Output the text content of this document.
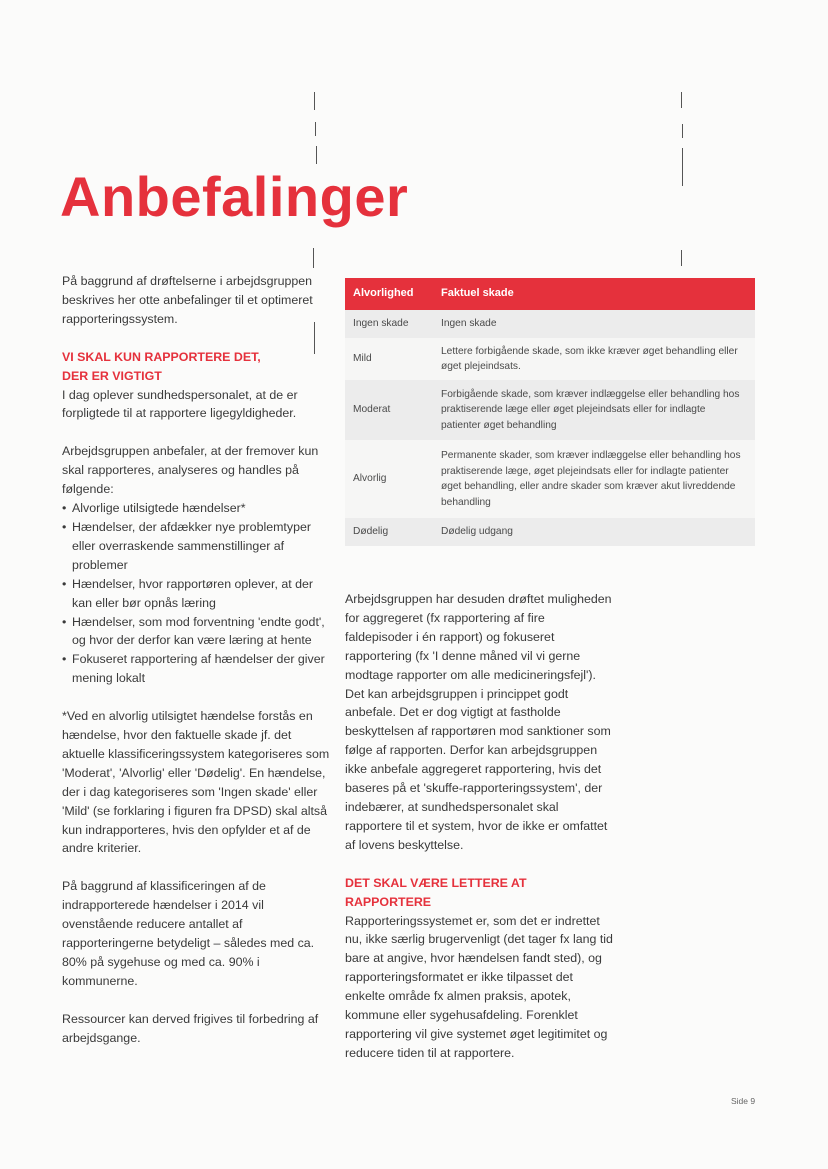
Anbefalinger

På baggrund af drøftelserne i arbejdsgruppen beskrives her otte anbefalinger til et optimeret rapporteringssystem.

VI SKAL KUN RAPPORTERE DET,
DER ER VIGTIGT

I dag oplever sundhedspersonalet, at de er forpligtede til at rapportere ligegyldigheder.

Arbejdsgruppen anbefaler, at der fremover kun skal rapporteres, analyseres og handles på følgende:
• Alvorlige utilsigtede hændelser*
• Hændelser, der afdækker nye problemtyper eller overraskende sammenstillinger af problemer
• Hændelser, hvor rapportøren oplever, at der kan eller bør opnås læring
• Hændelser, som mod forventning 'endte godt', og hvor der derfor kan være læring at hente
• Fokuseret rapportering af hændelser der giver mening lokalt

*Ved en alvorlig utilsigtet hændelse forstås en hændelse, hvor den faktuelle skade jf. det aktuelle klassificeringssystem kategoriseres som 'Moderat', 'Alvorlig' eller 'Dødelig'. En hændelse, der i dag kategoriseres som 'Ingen skade' eller 'Mild' (se forklaring i figuren fra DPSD) skal altså kun indrapporteres, hvis den opfylder et af de andre kriterier.

På baggrund af klassificeringen af de indrapporterede hændelser i 2014 vil ovenstående reducere antallet af rapporteringerne betydeligt – således med ca. 80% på sygehuse og med ca. 90% i kommunerne.

Ressourcer kan derved frigives til forbedring af arbejdsgange.

Alvorlighed	Faktuel skade
Ingen skade	Ingen skade
Mild	Lettere forbigående skade, som ikke kræver øget behandling eller øget plejeindsats.
Moderat	Forbigående skade, som kræver indlæggelse eller behandling hos praktiserende læge eller øget plejeindsats eller for indlagte patienter øget behandling
Alvorlig	Permanente skader, som kræver indlæggelse eller behandling hos praktiserende læge, øget plejeindsats eller for indlagte patienter øget behandling, eller andre skader som kræver akut livreddende behandling
Dødelig	Dødelig udgang

Arbejdsgruppen har desuden drøftet muligheden for aggregeret (fx rapportering af fire faldepisoder i én rapport) og fokuseret rapportering (fx 'I denne måned vil vi gerne modtage rapporter om alle medicineringsfejl'). Det kan arbejdsgruppen i princippet godt anbefale. Det er dog vigtigt at fastholde beskyttelsen af rapportøren mod sanktioner som følge af rapporten. Derfor kan arbejdsgruppen ikke anbefale aggregeret rapportering, hvis det baseres på et 'skuffe-rapporteringssystem', der indebærer, at sundhedspersonalet skal rapportere til et system, hvor de ikke er omfattet af lovens beskyttelse.

DET SKAL VÆRE LETTERE AT RAPPORTERE

Rapporteringssystemet er, som det er indrettet nu, ikke særlig brugervenligt (det tager fx lang tid bare at angive, hvor hændelsen fandt sted), og rapporteringsformatet er ikke tilpasset det enkelte område fx almen praksis, apotek, kommune eller sygehusafdeling. Forenklet rapportering vil give systemet øget legitimitet og reducere tiden til at rapportere.

Side 9
